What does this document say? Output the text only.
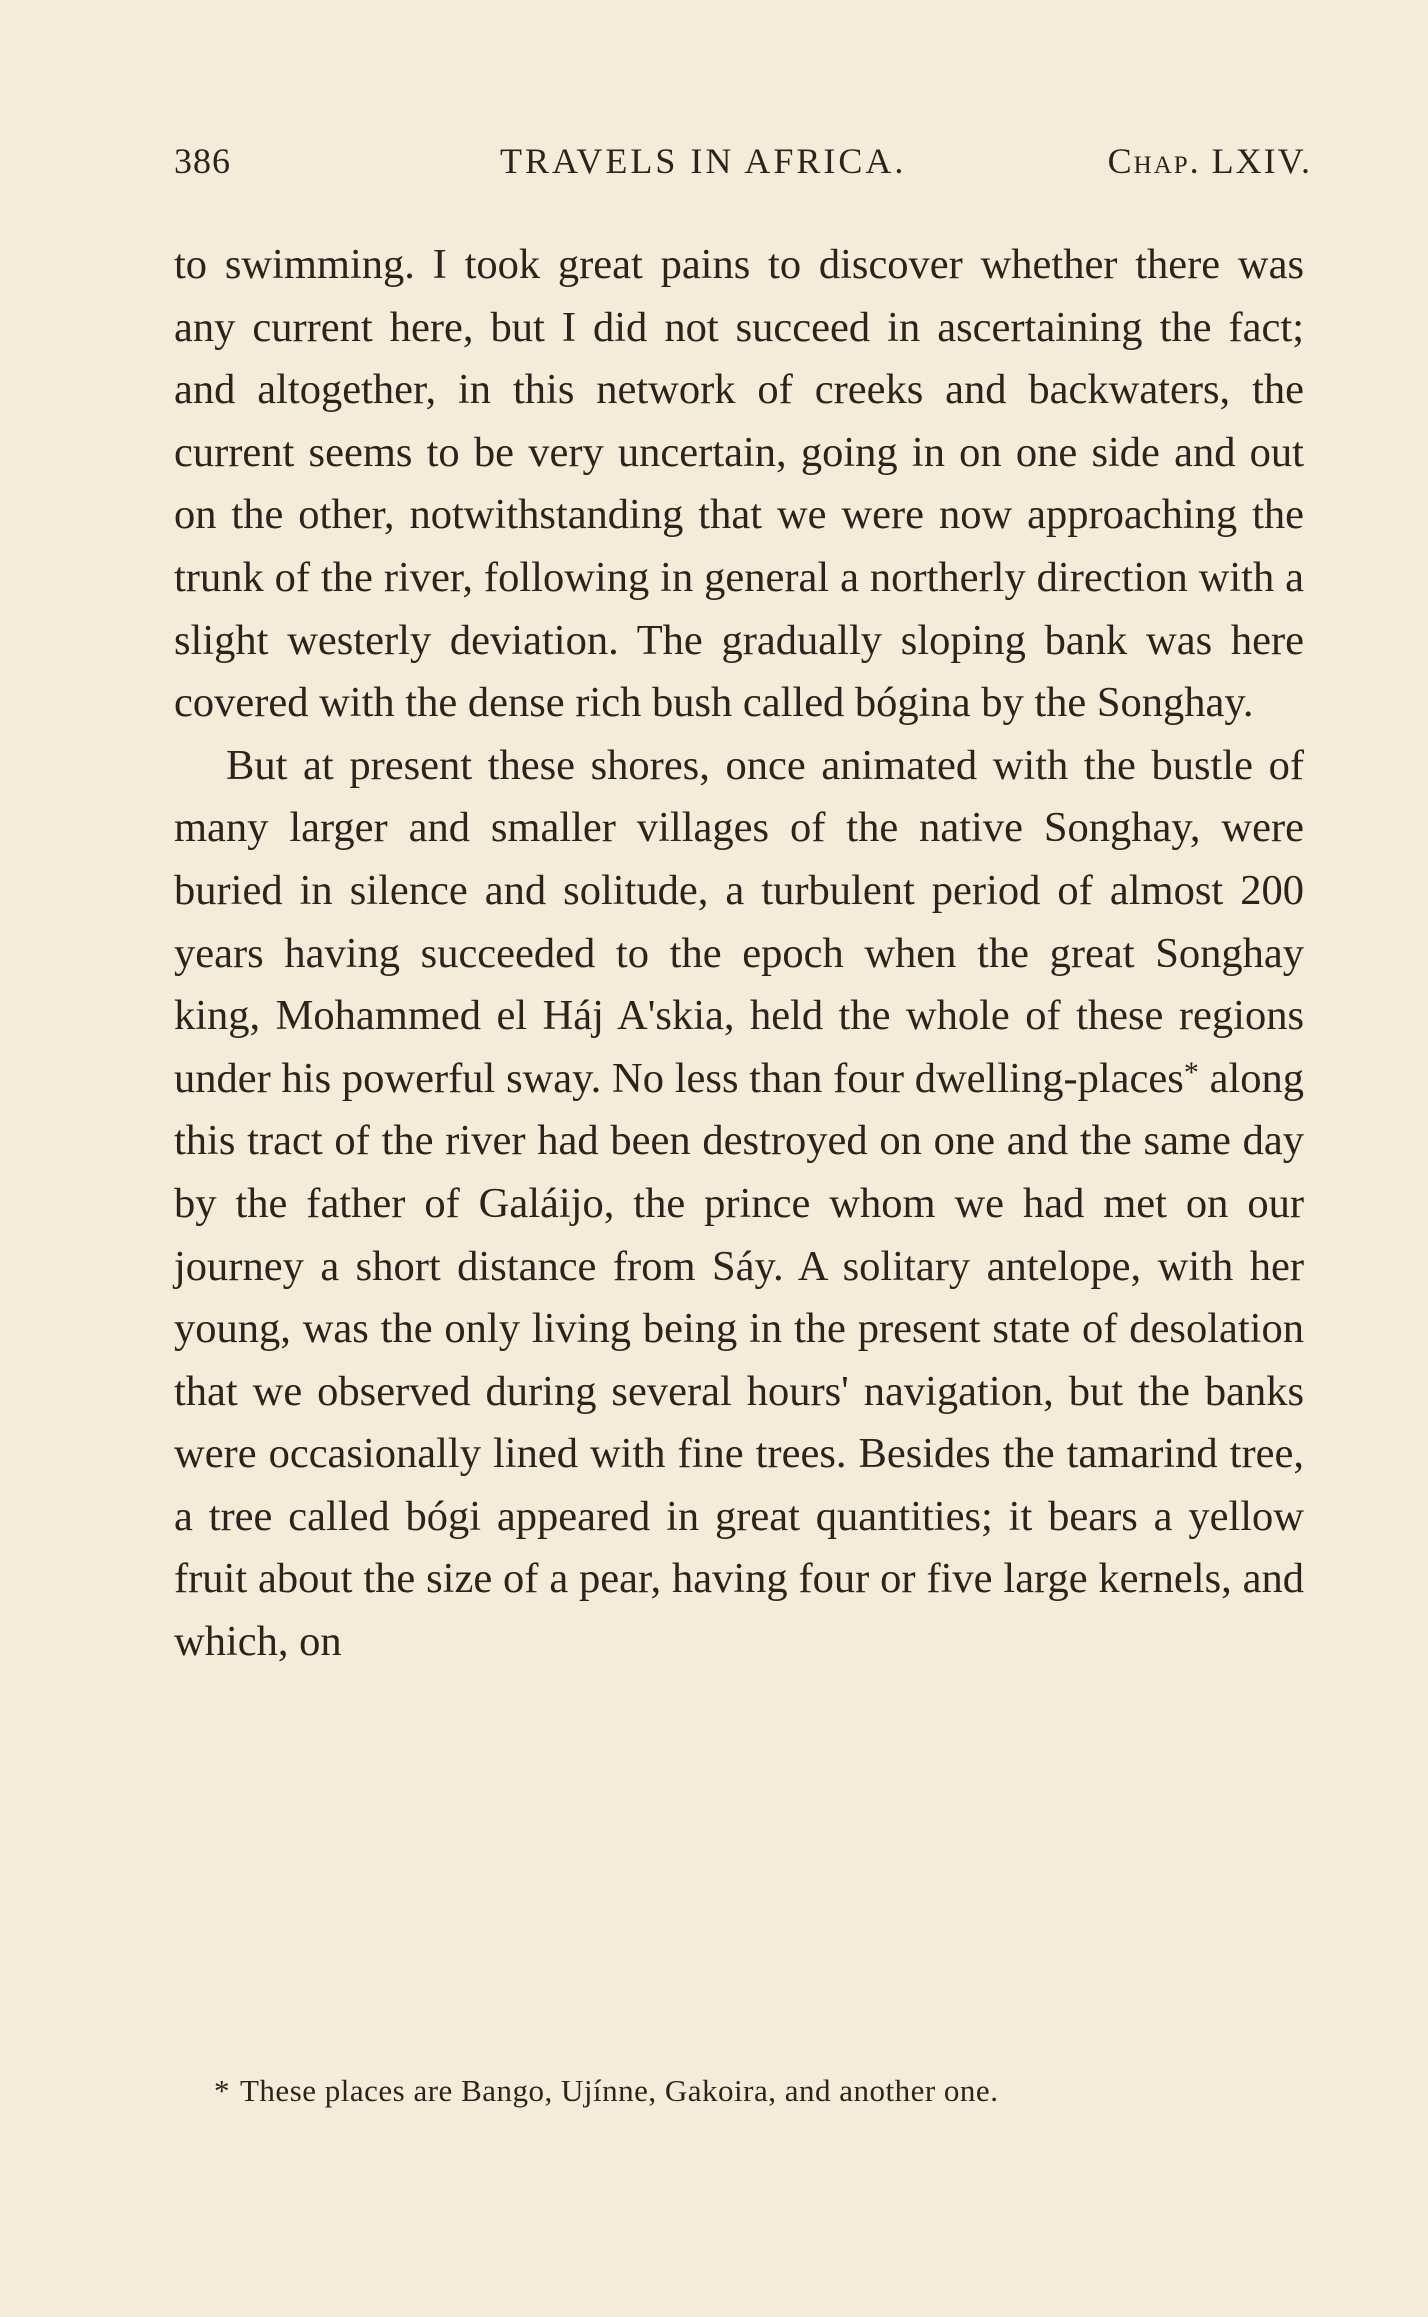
386	TRAVELS IN AFRICA.	Chap. LXIV.

to swimming. I took great pains to discover whether there was any current here, but I did not succeed in ascertaining the fact; and altogether, in this network of creeks and backwaters, the current seems to be very uncertain, going in on one side and out on the other, notwithstanding that we were now approaching the trunk of the river, following in general a northerly direction with a slight westerly deviation. The gradually sloping bank was here covered with the dense rich bush called bógina by the Songhay.

But at present these shores, once animated with the bustle of many larger and smaller villages of the native Songhay, were buried in silence and solitude, a turbulent period of almost 200 years having succeeded to the epoch when the great Songhay king, Mohammed el Háj A'skia, held the whole of these regions under his powerful sway. No less than four dwelling-places* along this tract of the river had been destroyed on one and the same day by the father of Galáijo, the prince whom we had met on our journey a short distance from Sáy. A solitary antelope, with her young, was the only living being in the present state of desolation that we observed during several hours' navigation, but the banks were occasionally lined with fine trees. Besides the tamarind tree, a tree called bógi appeared in great quantities; it bears a yellow fruit about the size of a pear, having four or five large kernels, and which, on

* These places are Bango, Ujínne, Gakoira, and another one.
